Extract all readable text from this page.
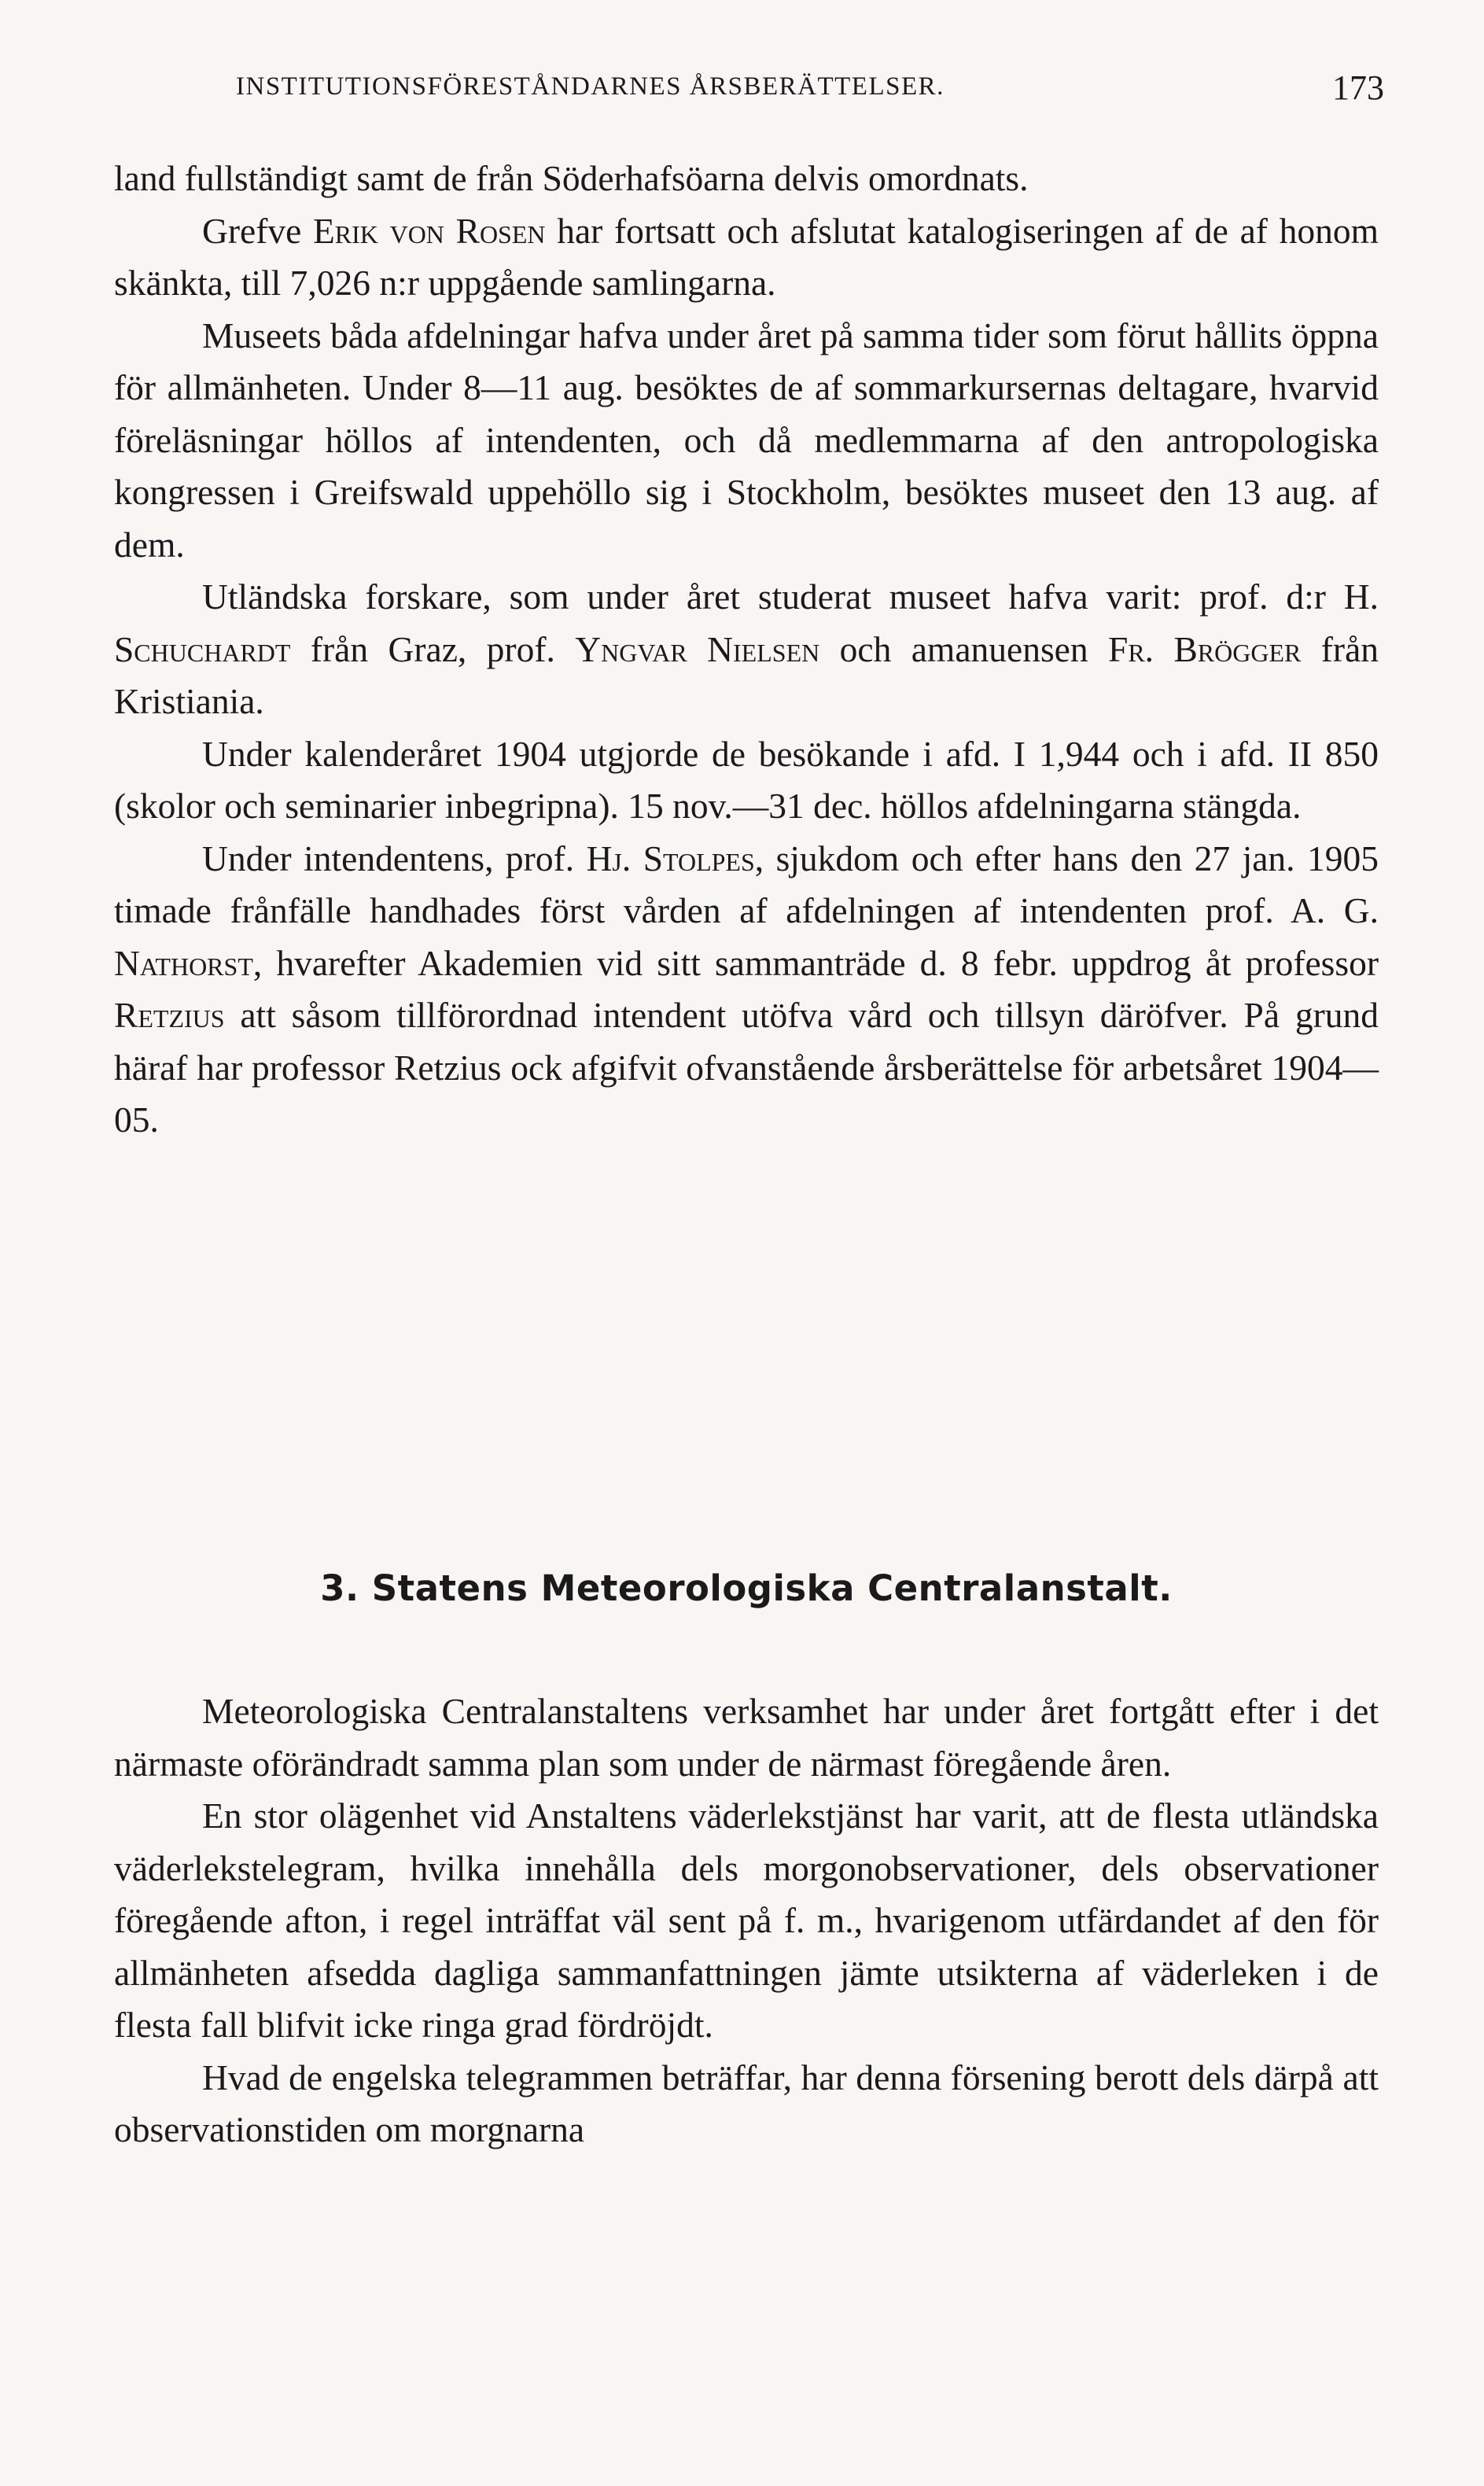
INSTITUTIONSFÖRESTÅNDARNES ÅRSBERÄTTELSER.	173

land fullständigt samt de från Söderhafsöarna delvis omordnats.

Grefve Erik von Rosen har fortsatt och afslutat katalogiseringen af de af honom skänkta, till 7,026 n:r uppgående samlingarna.

Museets båda afdelningar hafva under året på samma tider som förut hållits öppna för allmänheten. Under 8—11 aug. besöktes de af sommarkursernas deltagare, hvarvid föreläsningar höllos af intendenten, och då medlemmarna af den antropologiska kongressen i Greifswald uppehöllo sig i Stockholm, besöktes museet den 13 aug. af dem.

Utländska forskare, som under året studerat museet hafva varit: prof. d:r H. Schuchardt från Graz, prof. Yngvar Nielsen och amanuensen Fr. Brögger från Kristiania.

Under kalenderåret 1904 utgjorde de besökande i afd. I 1,944 och i afd. II 850 (skolor och seminarier inbegripna). 15 nov.—31 dec. höllos afdelningarna stängda.

Under intendentens, prof. Hj. Stolpes, sjukdom och efter hans den 27 jan. 1905 timade frånfälle handhades först vården af afdelningen af intendenten prof. A. G. Nathorst, hvarefter Akademien vid sitt sammanträde d. 8 febr. uppdrog åt professor Retzius att såsom tillförordnad intendent utöfva vård och tillsyn däröfver. På grund häraf har professor Retzius ock afgifvit ofvanstående årsberättelse för arbetsåret 1904—05.

3. Statens Meteorologiska Centralanstalt.

Meteorologiska Centralanstaltens verksamhet har under året fortgått efter i det närmaste oförändradt samma plan som under de närmast föregående åren.

En stor olägenhet vid Anstaltens väderlekstjänst har varit, att de flesta utländska väderlekstelegram, hvilka innehålla dels morgonobservationer, dels observationer föregående afton, i regel inträffat väl sent på f. m., hvarigenom utfärdandet af den för allmänheten afsedda dagliga sammanfattningen jämte utsikterna af väderleken i de flesta fall blifvit icke ringa grad fördröjdt.

Hvad de engelska telegrammen beträffar, har denna försening berott dels därpå att observationstiden om morgnarna
